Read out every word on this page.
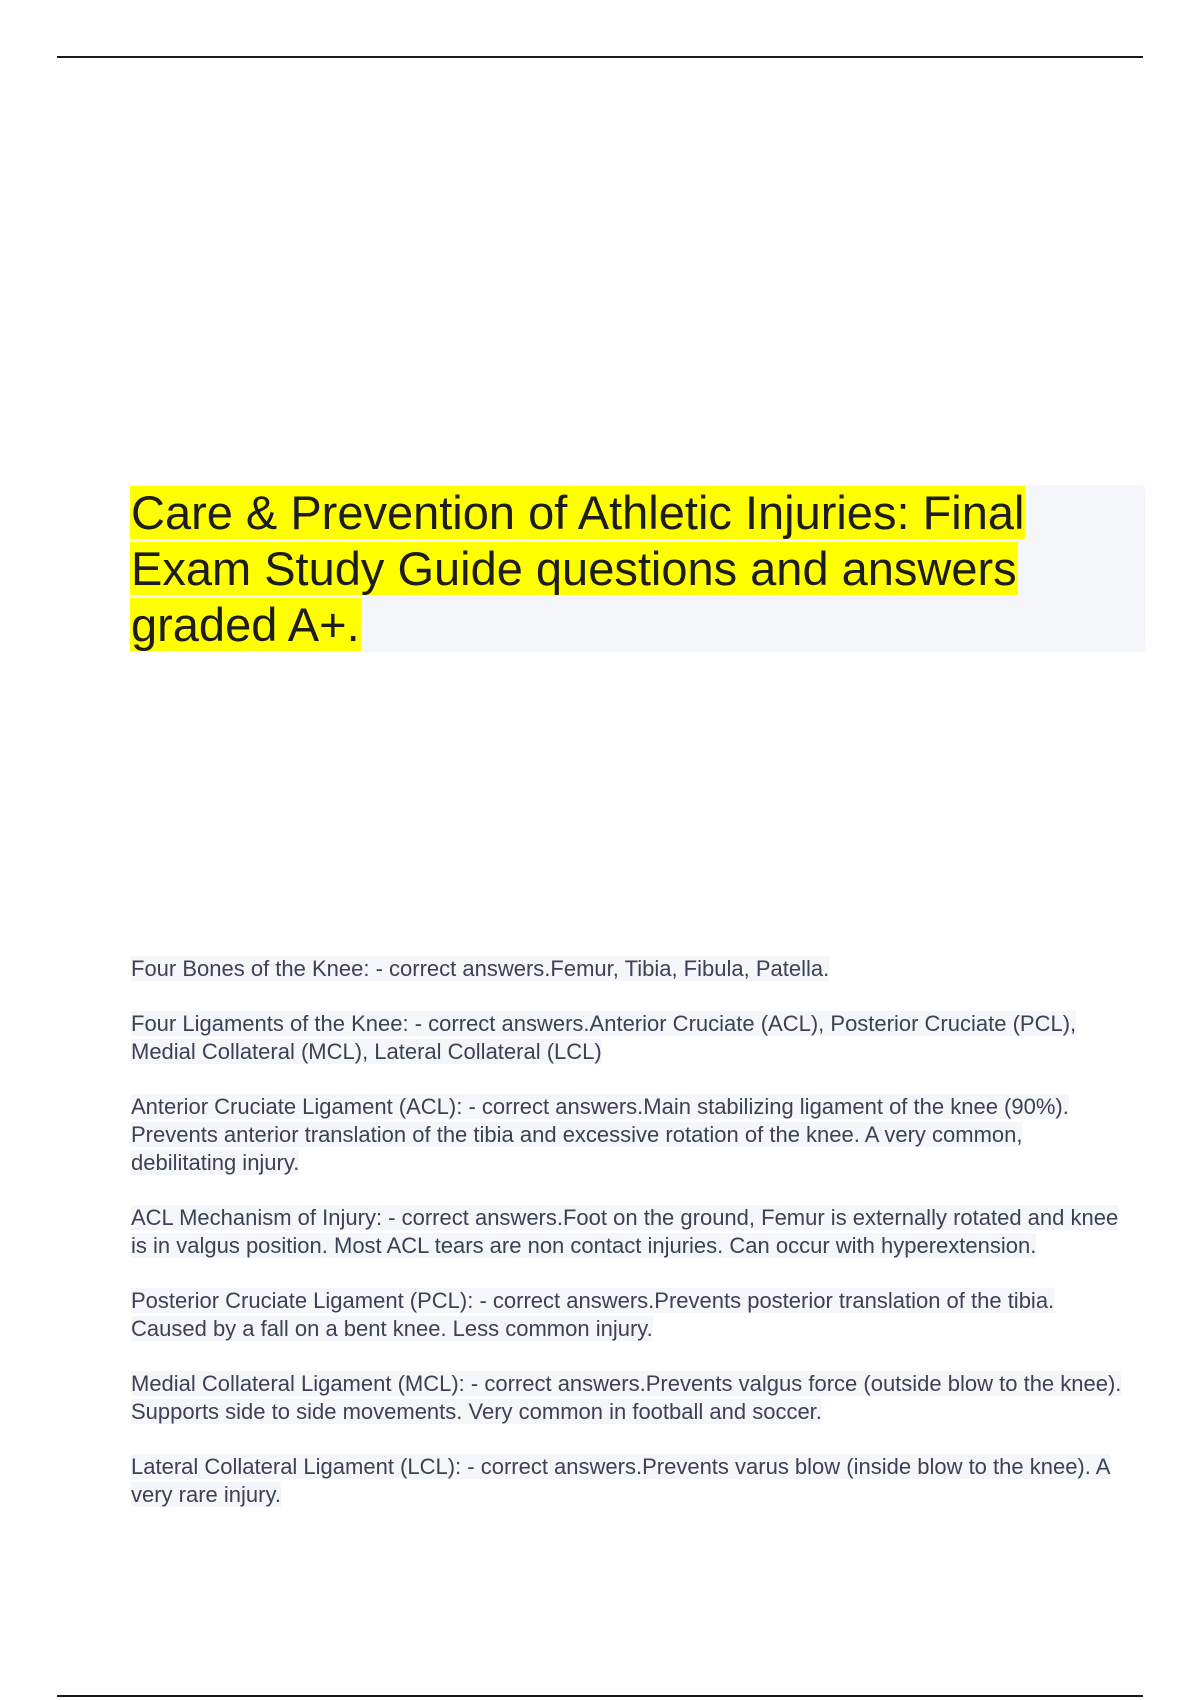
Care & Prevention of Athletic Injuries: Final Exam Study Guide questions and answers graded A+.

Four Bones of the Knee: - correct answers.Femur, Tibia, Fibula, Patella.

Four Ligaments of the Knee: - correct answers.Anterior Cruciate (ACL), Posterior Cruciate (PCL), Medial Collateral (MCL), Lateral Collateral (LCL)

Anterior Cruciate Ligament (ACL): - correct answers.Main stabilizing ligament of the knee (90%). Prevents anterior translation of the tibia and excessive rotation of the knee. A very common, debilitating injury.

ACL Mechanism of Injury: - correct answers.Foot on the ground, Femur is externally rotated and knee is in valgus position. Most ACL tears are non contact injuries. Can occur with hyperextension.

Posterior Cruciate Ligament (PCL): - correct answers.Prevents posterior translation of the tibia. Caused by a fall on a bent knee. Less common injury.

Medial Collateral Ligament (MCL): - correct answers.Prevents valgus force (outside blow to the knee). Supports side to side movements. Very common in football and soccer.

Lateral Collateral Ligament (LCL): - correct answers.Prevents varus blow (inside blow to the knee). A very rare injury.
